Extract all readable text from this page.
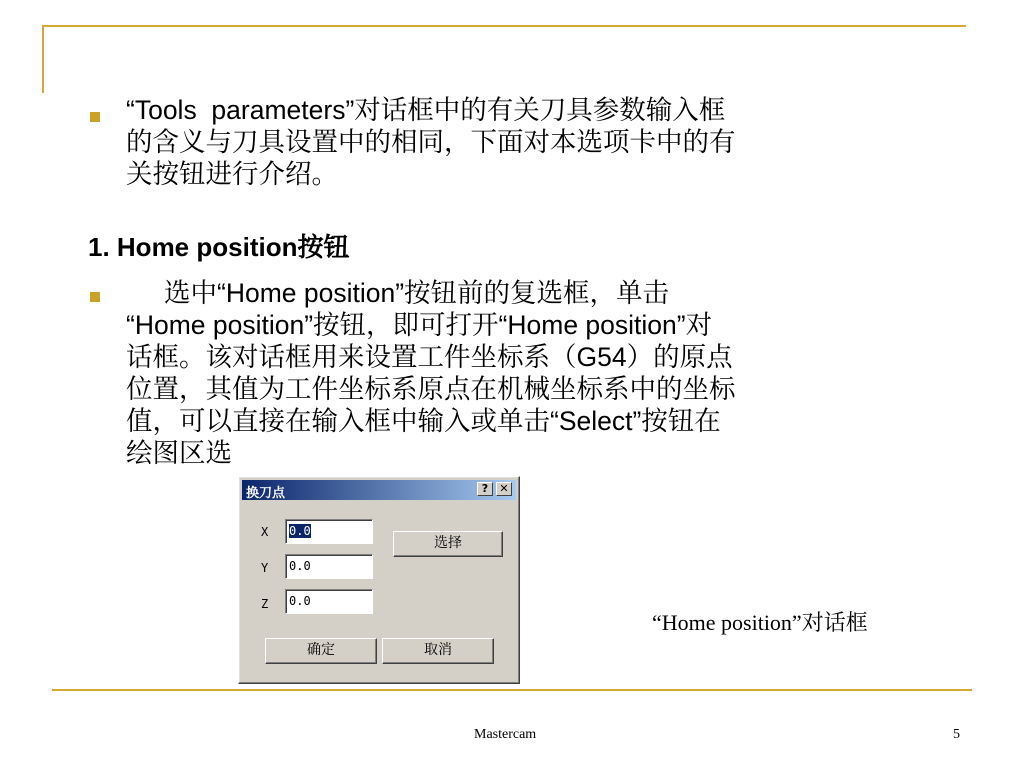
“Tools  parameters”对话框中的有关刀具参数输入框
的含义与刀具设置中的相同，下面对本选项卡中的有
关按钮进行介绍。
1. Home position按钮
选中“Home position”按钮前的复选框，单击
“Home position”按钮，即可打开“Home position”对
话框。该对话框用来设置工件坐标系（G54）的原点
位置，其值为工件坐标系原点在机械坐标系中的坐标
值，可以直接在输入框中输入或单击“Select”按钮在
绘图区选
换刀点	?	✕
X	0.0
Y	0.0
Z	0.0
选择
确定	取消
“Home position”对话框
Mastercam	5
